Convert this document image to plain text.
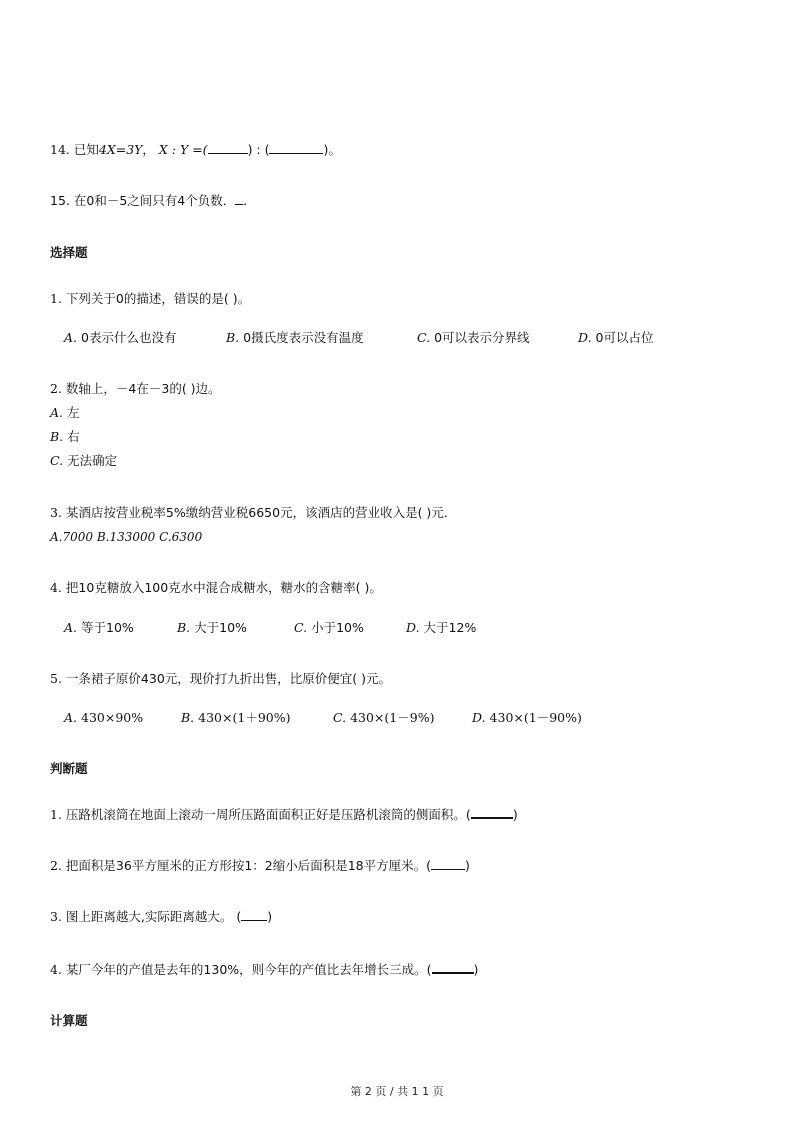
14. 已知4X=3Y， X : Y =(	) : (	)。
15. 在0和－5之间只有4个负数． ．
选择题
1. 下列关于0的描述，错误的是( )。
A. 0表示什么也没有	B. 0摄氏度表示没有温度	C. 0可以表示分界线	D. 0可以占位
2. 数轴上，－4在－3的( )边。
A. 左
B. 右
C. 无法确定
3. 某酒店按营业税率5%缴纳营业税6650元，该酒店的营业收入是( )元．
A.7000 B.133000 C.6300
4. 把10克糖放入100克水中混合成糖水，糖水的含糖率( )。
A. 等于10%	B. 大于10%	C. 小于10%	D. 大于12%
5. 一条裙子原价430元，现价打九折出售，比原价便宜( )元。
A. 430×90%	B. 430×(1＋90%)	C. 430×(1－9%)	D. 430×(1－90%)
判断题
1. 压路机滚筒在地面上滚动一周所压路面面积正好是压路机滚筒的侧面积。(	)
2. 把面积是36平方厘米的正方形按1：2缩小后面积是18平方厘米。(	)
3. 图上距离越大,实际距离越大。 ( )
4. 某厂今年的产值是去年的130%，则今年的产值比去年增长三成。(	)
计算题
第 2 页 / 共 1 1 页
